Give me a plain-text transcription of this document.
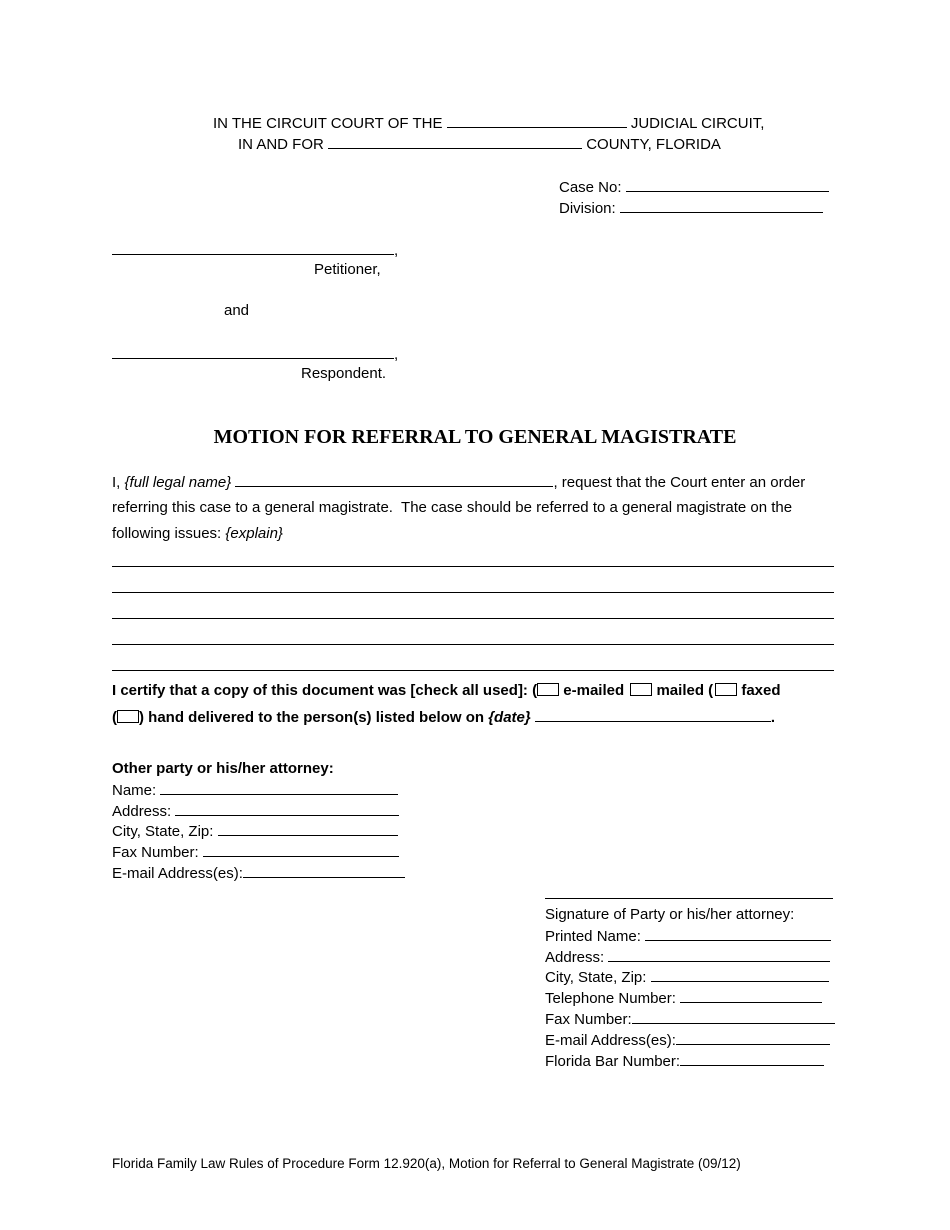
IN THE CIRCUIT COURT OF THE	JUDICIAL CIRCUIT,
IN AND FOR	COUNTY, FLORIDA
Case No:
Division:
,
Petitioner,
and
,
Respondent.
MOTION FOR REFERRAL TO GENERAL MAGISTRATE
I, {full legal name}	, request that the Court enter an order
referring this case to a general magistrate.  The case should be referred to a general magistrate on the
following issues: {explain}
I certify that a copy of this document was [check all used]: ( e-mailed mailed ( faxed
( ) hand delivered to the person(s) listed below on {date}	.
Other party or his/her attorney:
Name:
Address:
City, State, Zip:
Fax Number:
E-mail Address(es):
Signature of Party or his/her attorney:
Printed Name:
Address:
City, State, Zip:
Telephone Number:
Fax Number:
E-mail Address(es):
Florida Bar Number:
Florida Family Law Rules of Procedure Form 12.920(a), Motion for Referral to General Magistrate (09/12)
